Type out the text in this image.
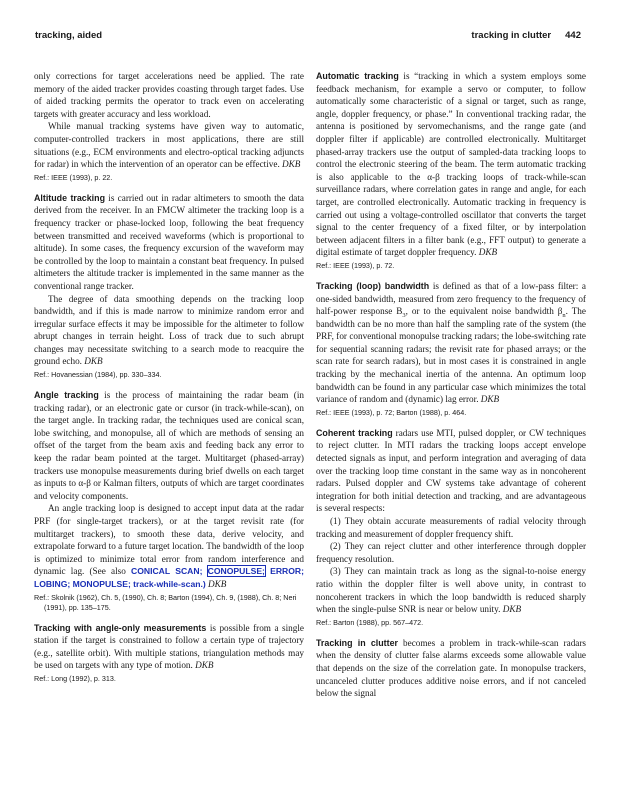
tracking, aided	tracking in clutter 442

only corrections for target accelerations need be applied. The rate memory of the aided tracker provides coasting through target fades. Use of aided tracking permits the operator to track even on accelerating targets with greater accuracy and less workload.

While manual tracking systems have given way to automatic, computer-controlled trackers in most applications, there are still situations (e.g., ECM environments and electro-optical tracking adjuncts for radar) in which the intervention of an operator can be effective. DKB

Ref.: IEEE (1993), p. 22.

Altitude tracking is carried out in radar altimeters to smooth the data derived from the receiver. In an FMCW altimeter the tracking loop is a frequency tracker or phase-locked loop, following the beat frequency between transmitted and received waveforms (which is proportional to altitude). In some cases, the frequency excursion of the waveform may be controlled by the loop to maintain a constant beat frequency. In pulsed altimeters the altitude tracker is implemented in the same manner as the conventional range tracker.

The degree of data smoothing depends on the tracking loop bandwidth, and if this is made narrow to minimize random error and irregular surface effects it may be impossible for the altimeter to follow abrupt changes in terrain height. Loss of track due to such abrupt changes may necessitate switching to a search mode to reacquire the ground echo. DKB

Ref.: Hovanessian (1984), pp. 330–334.

Angle tracking is the process of maintaining the radar beam (in tracking radar), or an electronic gate or cursor (in track-while-scan), on the target angle. In tracking radar, the techniques used are conical scan, lobe switching, and monopulse, all of which are methods of sensing an offset of the target from the beam axis and feeding back any error to keep the radar beam pointed at the target. Multitarget (phased-array) trackers use monopulse measurements during brief dwells on each target as inputs to α-β or Kalman filters, outputs of which are target coordinates and velocity components.

An angle tracking loop is designed to accept input data at the radar PRF (for single-target trackers), or at the target revisit rate (for multitarget trackers), to smooth these data, derive velocity, and extrapolate forward to a future target location. The bandwidth of the loop is optimized to minimize total error from random interference and dynamic lag. (See also CONICAL SCAN; CONOPULSE; ERROR; LOBING; MONOPULSE; track-while-scan.) DKB

Ref.: Skolnik (1962), Ch. 5, (1990), Ch. 8; Barton (1994), Ch. 9, (1988), Ch. 8; Neri (1991), pp. 135–175.

Tracking with angle-only measurements is possible from a single station if the target is constrained to follow a certain type of trajectory (e.g., satellite orbit). With multiple stations, triangulation methods may be used on targets with any type of motion. DKB

Ref.: Long (1992), p. 313.

Automatic tracking is “tracking in which a system employs some feedback mechanism, for example a servo or computer, to follow automatically some characteristic of a signal or target, such as range, angle, doppler frequency, or phase.” In conventional tracking radar, the antenna is positioned by servomechanisms, and the range gate (and doppler filter if applicable) are controlled electronically. Multitarget phased-array trackers use the output of sampled-data tracking loops to control the electronic steering of the beam. The term automatic tracking is also applicable to the α-β tracking loops of track-while-scan surveillance radars, where correlation gates in range and angle, for each target, are controlled electronically. Automatic tracking in frequency is carried out using a voltage-controlled oscillator that converts the target signal to the center frequency of a fixed filter, or by interpolation between adjacent filters in a filter bank (e.g., FFT output) to generate a digital estimate of target doppler frequency. DKB

Ref.: IEEE (1993), p. 72.

Tracking (loop) bandwidth is defined as that of a low-pass filter: a one-sided bandwidth, measured from zero frequency to the frequency of half-power response $B_3$, or to the equivalent noise bandwidth $\beta_n$. The bandwidth can be no more than half the sampling rate of the system (the PRF, for conventional monopulse tracking radars; the lobe-switching rate for sequential scanning radars; the revisit rate for phased arrays; or the scan rate for search radars), but in most cases it is constrained in angle tracking by the mechanical inertia of the antenna. An optimum loop bandwidth can be found in any particular case which minimizes the total variance of random and (dynamic) lag error. DKB

Ref.: IEEE (1993), p. 72; Barton (1988), p. 464.

Coherent tracking radars use MTI, pulsed doppler, or CW techniques to reject clutter. In MTI radars the tracking loops accept envelope detected signals as input, and perform integration and averaging of data over the tracking loop time constant in the same way as in noncoherent radars. Pulsed doppler and CW systems take advantage of coherent integration for both initial detection and tracking, and are advantageous is several respects:

(1) They obtain accurate measurements of radial velocity through tracking and measurement of doppler frequency shift.

(2) They can reject clutter and other interference through doppler frequency resolution.

(3) They can maintain track as long as the signal-to-noise energy ratio within the doppler filter is well above unity, in contrast to noncoherent trackers in which the loop bandwidth is reduced sharply when the single-pulse SNR is near or below unity. DKB

Ref.: Barton (1988), pp. 567–472.

Tracking in clutter becomes a problem in track-while-scan radars when the density of clutter false alarms exceeds some allowable value that depends on the size of the correlation gate. In monopulse trackers, uncanceled clutter produces additive noise errors, and if not canceled below the signal
